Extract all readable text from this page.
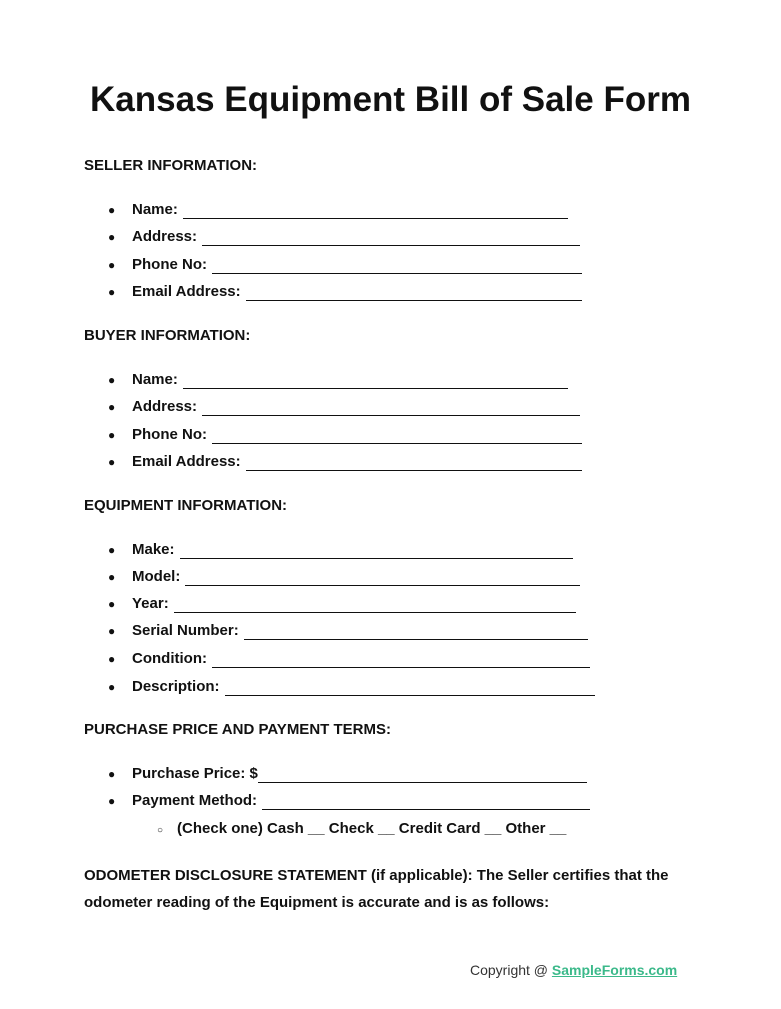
Kansas Equipment Bill of Sale Form
SELLER INFORMATION:
●	Name:
●	Address:
●	Phone No:
●	Email Address:
BUYER INFORMATION:
●	Name:
●	Address:
●	Phone No:
●	Email Address:
EQUIPMENT INFORMATION:
●	Make:
●	Model:
●	Year:
●	Serial Number:
●	Condition:
●	Description:
PURCHASE PRICE AND PAYMENT TERMS:
●	Purchase Price: $
●	Payment Method:
○ (Check one) Cash __ Check __ Credit Card __ Other __
ODOMETER DISCLOSURE STATEMENT (if applicable): The Seller certifies that the odometer reading of the Equipment is accurate and is as follows:
Copyright @ SampleForms.com
